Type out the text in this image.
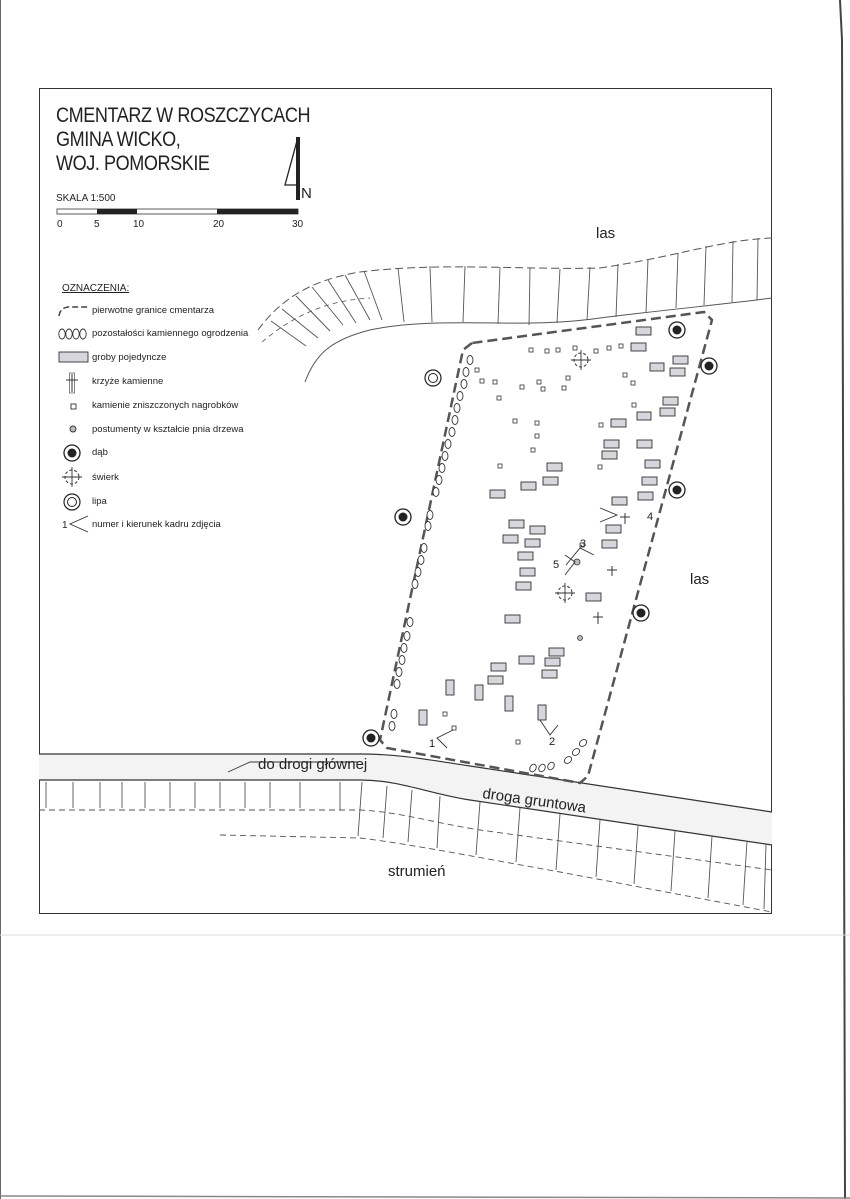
CMENTARZ W ROSZCZYCACH
GMINA WICKO,
WOJ. POMORSKIE
SKALA 1:500
0	5	10	20	30
OZNACZENIA:
pierwotne granice cmentarza
pozostałości kamiennego ogrodzenia
groby pojedyncze
krzyże kamienne
kamienie zniszczonych nagrobków
postumenty w kształcie pnia drzewa
dąb
świerk
lipa
numer i kierunek kadru zdjęcia
N
1
las
las
do drogi głównej
droga gruntowa
strumień
1	2
3
4
5
